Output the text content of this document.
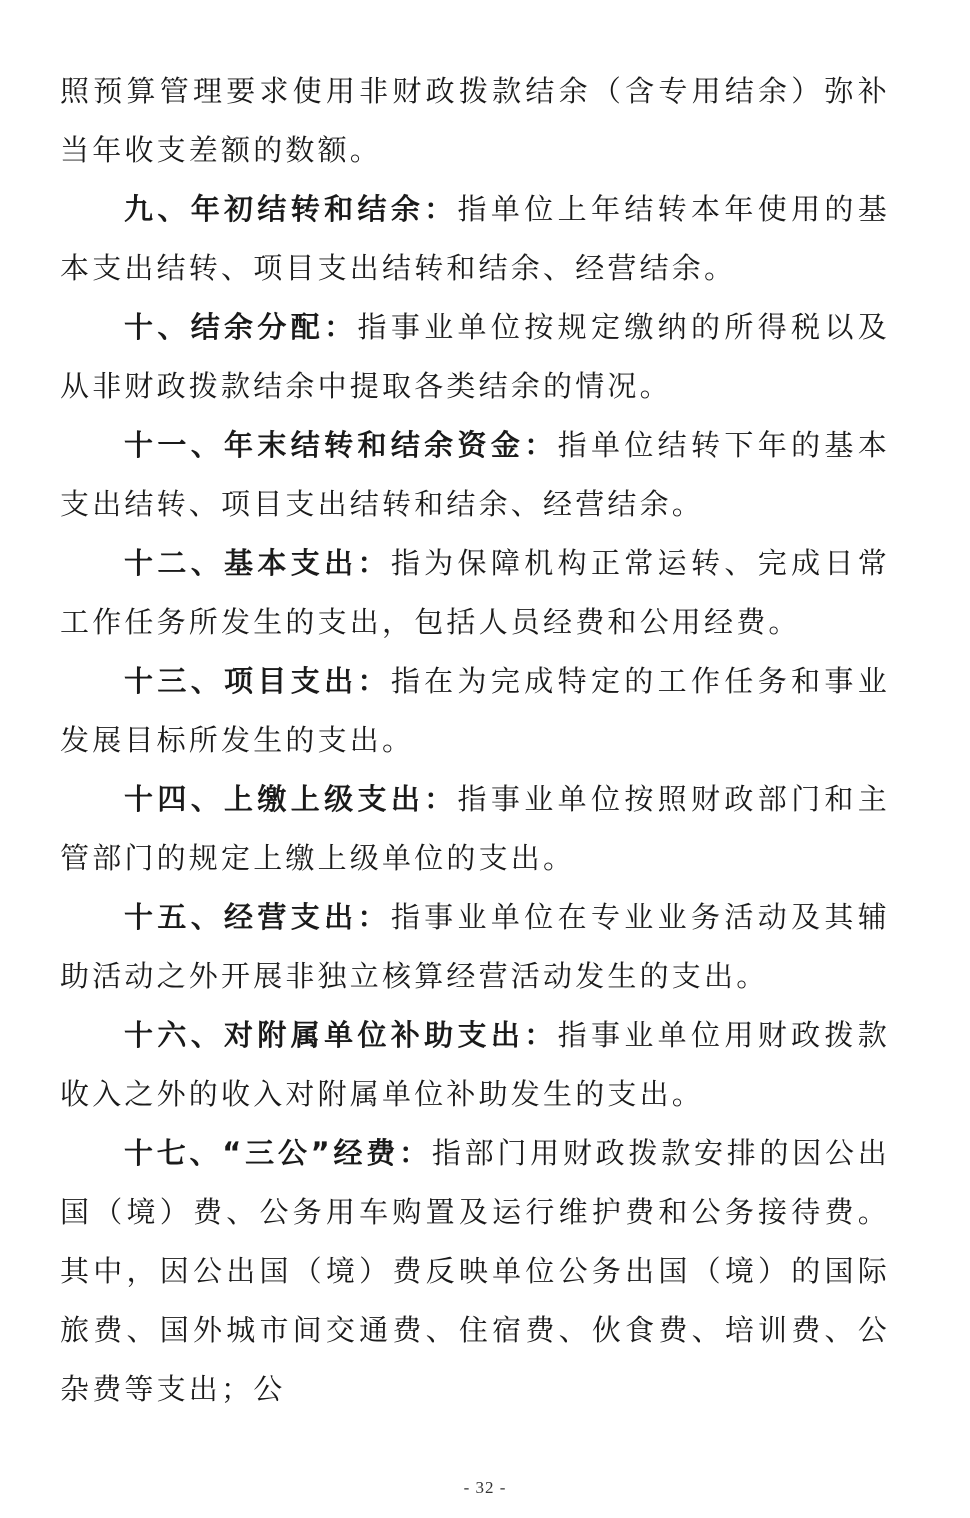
照预算管理要求使用非财政拨款结余（含专用结余）弥补当年收支差额的数额。

九、年初结转和结余：指单位上年结转本年使用的基本支出结转、项目支出结转和结余、经营结余。

十、结余分配：指事业单位按规定缴纳的所得税以及从非财政拨款结余中提取各类结余的情况。

十一、年末结转和结余资金：指单位结转下年的基本支出结转、项目支出结转和结余、经营结余。

十二、基本支出：指为保障机构正常运转、完成日常工作任务所发生的支出，包括人员经费和公用经费。

十三、项目支出：指在为完成特定的工作任务和事业发展目标所发生的支出。

十四、上缴上级支出：指事业单位按照财政部门和主管部门的规定上缴上级单位的支出。

十五、经营支出：指事业单位在专业业务活动及其辅助活动之外开展非独立核算经营活动发生的支出。

十六、对附属单位补助支出：指事业单位用财政拨款收入之外的收入对附属单位补助发生的支出。

十七、“三公”经费：指部门用财政拨款安排的因公出国（境）费、公务用车购置及运行维护费和公务接待费。其中，因公出国（境）费反映单位公务出国（境）的国际旅费、国外城市间交通费、住宿费、伙食费、培训费、公杂费等支出；公

- 32 -
